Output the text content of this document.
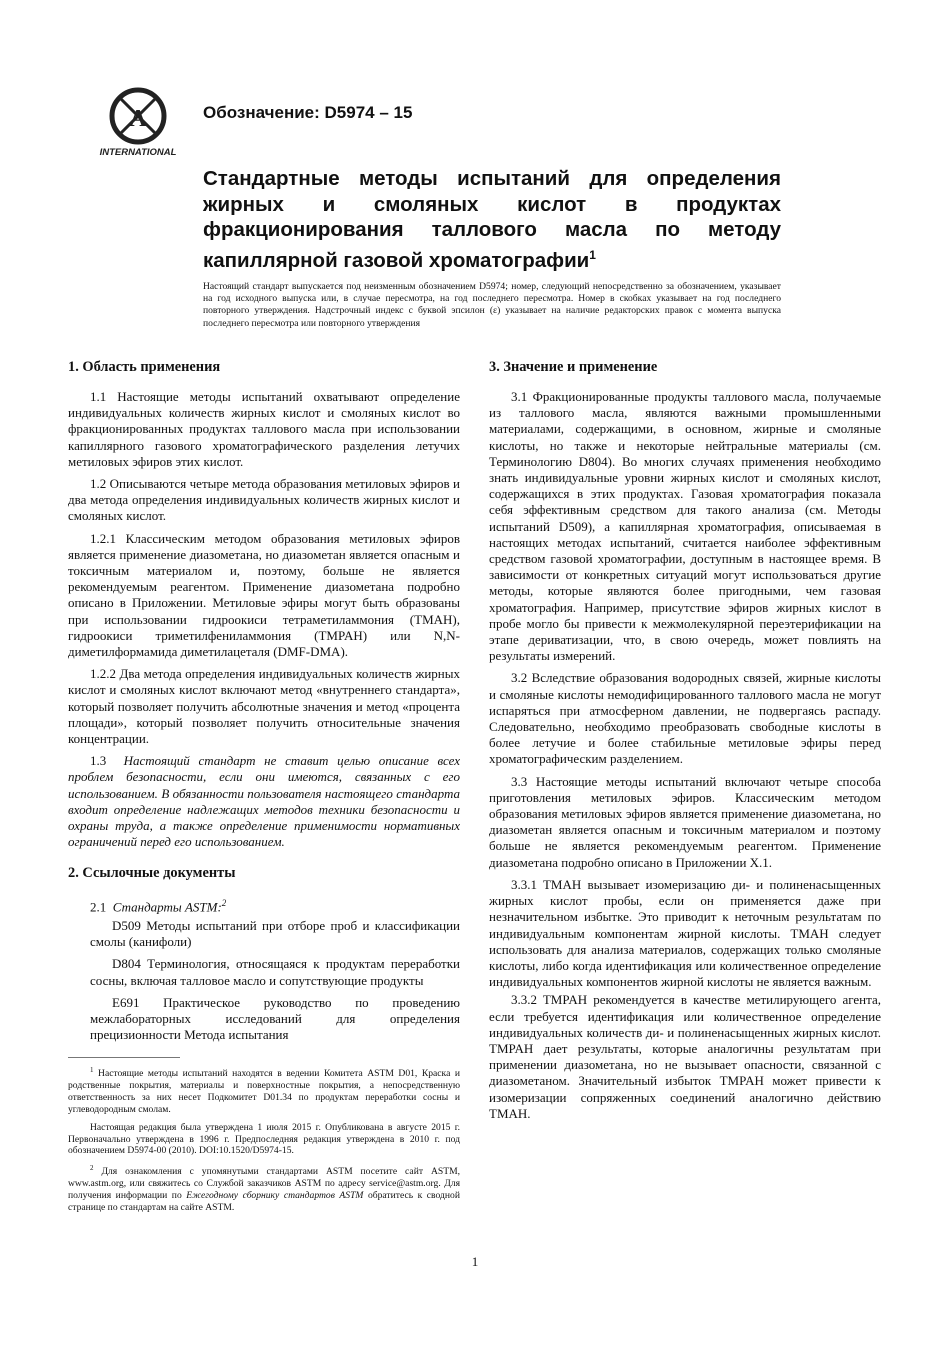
A
INTERNATIONAL
Обозначение: D5974 – 15
Стандартные методы испытаний для определения жирных и смоляных кислот в продуктах фракционирования таллового масла по методу капиллярной газовой хроматографии$^1$

Настоящий стандарт выпускается под неизменным обозначением D5974; номер, следующий непосредственно за обозначением, указывает на год исходного выпуска или, в случае пересмотра, на год последнего пересмотра. Номер в скобках указывает на год последнего повторного утверждения. Надстрочный индекс с буквой эпсилон (ε) указывает на наличие редакторских правок с момента выпуска последнего пересмотра или повторного утверждения

1. Область применения

1.1 Настоящие методы испытаний охватывают определение индивидуальных количеств жирных кислот и смоляных кислот во фракционированных продуктах таллового масла при использовании капиллярного газового хроматографического разделения летучих метиловых эфиров этих кислот.

1.2 Описываются четыре метода образования метиловых эфиров и два метода определения индивидуальных количеств жирных кислот и смоляных кислот.

1.2.1 Классическим методом образования метиловых эфиров является применение диазометана, но диазометан является опасным и токсичным материалом и, поэтому, больше не является рекомендуемым реагентом. Применение диазометана подробно описано в Приложении. Метиловые эфиры могут быть образованы при использовании гидроокиси тетраметиламмония (TMAH), гидроокиси триметилфениламмония (TMPAH) или N,N-диметилформамида диметилацеталя (DMF-DMA).

1.2.2 Два метода определения индивидуальных количеств жирных кислот и смоляных кислот включают метод «внутреннего стандарта», который позволяет получить абсолютные значения и метод «процента площади», который позволяет получить относительные значения концентрации.

1.3 Настоящий стандарт не ставит целью описание всех проблем безопасности, если они имеются, связанных с его использованием. В обязанности пользователя настоящего стандарта входит определение надлежащих методов техники безопасности и охраны труда, а также определение применимости нормативных ограничений перед его использованием.

2. Ссылочные документы

2.1 Стандарты ASTM:$^2$

D509 Методы испытаний при отборе проб и классификации смолы (канифоли)

D804 Терминология, относящаяся к продуктам переработки сосны, включая талловое масло и сопутствующие продукты

E691 Практическое руководство по проведению межлабораторных исследований для определения прецизионности Метода испытания

$^1$ Настоящие методы испытаний находятся в ведении Комитета ASTM D01, Краска и родственные покрытия, материалы и поверхностные покрытия, а непосредственную ответственность за них несет Подкомитет D01.34 по продуктам переработки сосны и углеводородным смолам.

Настоящая редакция была утверждена 1 июля 2015 г. Опубликована в августе 2015 г. Первоначально утверждена в 1996 г. Предпоследняя редакция утверждена в 2010 г. под обозначением D5974-00 (2010). DOI:10.1520/D5974-15.

$^2$ Для ознакомления с упомянутыми стандартами ASTM посетите сайт ASTM, www.astm.org, или свяжитесь со Службой заказчиков ASTM по адресу service@astm.org. Для получения информации по Ежегодному сборнику стандартов ASTM обратитесь к сводной странице по стандартам на сайте ASTM.

3. Значение и применение

3.1 Фракционированные продукты таллового масла, получаемые из таллового масла, являются важными промышленными материалами, содержащими, в основном, жирные и смоляные кислоты, но также и некоторые нейтральные материалы (см. Терминологию D804). Во многих случаях применения необходимо знать индивидуальные уровни жирных кислот и смоляных кислот, содержащихся в этих продуктах. Газовая хроматография показала себя эффективным средством для такого анализа (см. Методы испытаний D509), а капиллярная хроматография, описываемая в настоящих методах испытаний, считается наиболее эффективным средством газовой хроматографии, доступным в настоящее время. В зависимости от конкретных ситуаций могут использоваться другие методы, которые являются более пригодными, чем газовая хроматография. Например, присутствие эфиров жирных кислот в пробе могло бы привести к межмолекулярной переэтерификации на этапе дериватизации, что, в свою очередь, может повлиять на результаты измерений.

3.2 Вследствие образования водородных связей, жирные кислоты и смоляные кислоты немодифицированного таллового масла не могут испаряться при атмосферном давлении, не подвергаясь распаду. Следовательно, необходимо преобразовать свободные кислоты в более летучие и более стабильные метиловые эфиры перед хроматографическим разделением.

3.3 Настоящие методы испытаний включают четыре способа приготовления метиловых эфиров. Классическим методом образования метиловых эфиров является применение диазометана, но диазометан является опасным и токсичным материалом и поэтому больше не является рекомендуемым реагентом. Применение диазометана подробно описано в Приложении X.1.

3.3.1 TMAH вызывает изомеризацию ди- и полиненасыщенных жирных кислот пробы, если он применяется даже при незначительном избытке. Это приводит к неточным результатам по индивидуальным компонентам жирной кислоты. TMAH следует использовать для анализа материалов, содержащих только смоляные кислоты, либо когда идентификация или количественное определение индивидуальных компонентов жирной кислоты не является важным.

3.3.2 TMPAH рекомендуется в качестве метилирующего агента, если требуется идентификация или количественное определение индивидуальных количеств ди- и полиненасыщенных жирных кислот. TMPAH дает результаты, которые аналогичны результатам при применении диазометана, но не вызывает опасности, связанной с диазометаном. Значительный избыток TMPAH может привести к изомеризации сопряженных соединений аналогично действию TMAH.

1
